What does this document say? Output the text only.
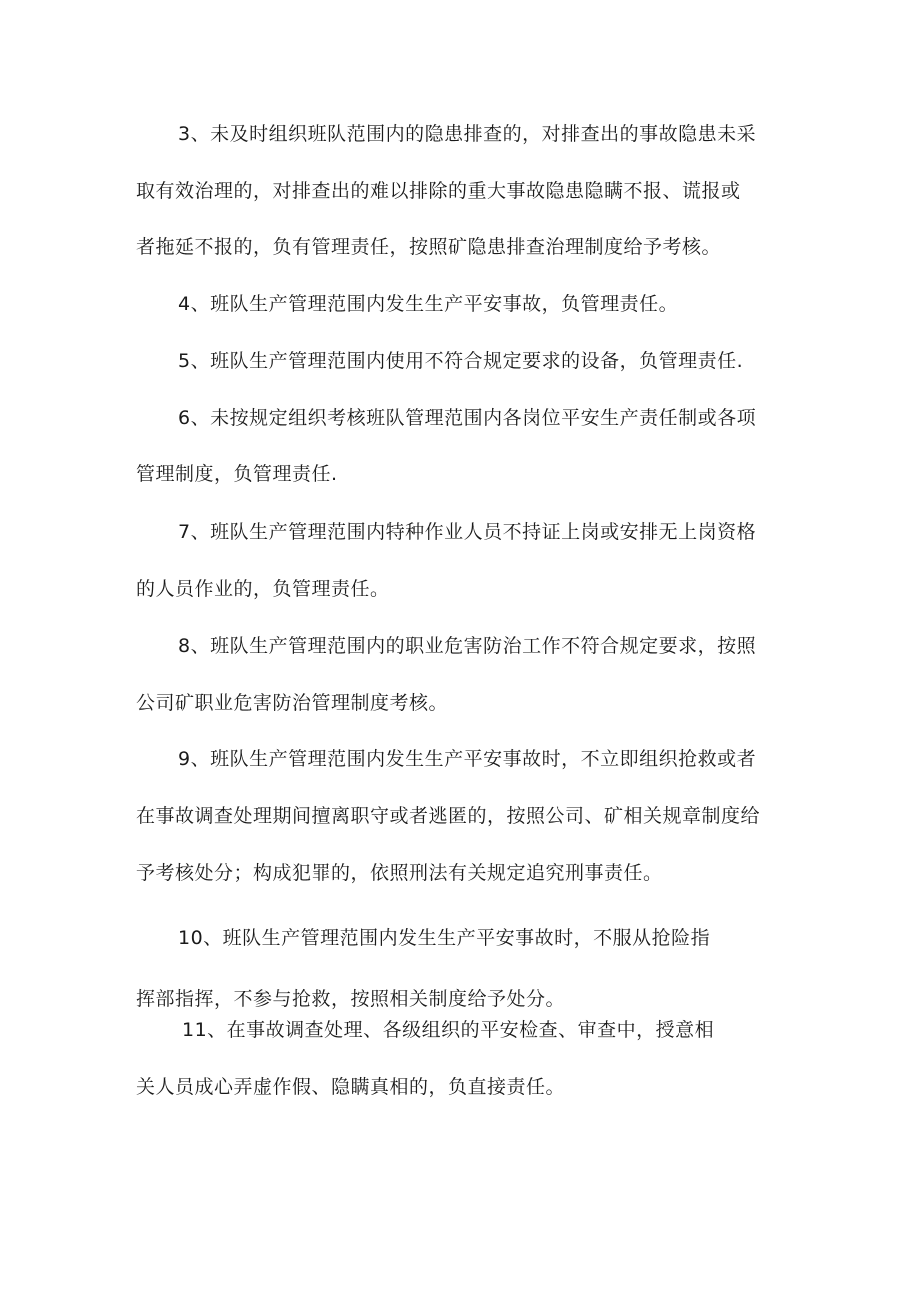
3、未及时组织班队范围内的隐患排查的，对排查出的事故隐患未采
取有效治理的，对排查出的难以排除的重大事故隐患隐瞒不报、谎报或
者拖延不报的，负有管理责任，按照矿隐患排查治理制度给予考核。
4、班队生产管理范围内发生生产平安事故，负管理责任。
5、班队生产管理范围内使用不符合规定要求的设备，负管理责任.
6、未按规定组织考核班队管理范围内各岗位平安生产责任制或各项
管理制度，负管理责任.
7、班队生产管理范围内特种作业人员不持证上岗或安排无上岗资格
的人员作业的，负管理责任。
8、班队生产管理范围内的职业危害防治工作不符合规定要求，按照
公司矿职业危害防治管理制度考核。
9、班队生产管理范围内发生生产平安事故时，不立即组织抢救或者
在事故调查处理期间擅离职守或者逃匿的，按照公司、矿相关规章制度给
予考核处分；构成犯罪的，依照刑法有关规定追究刑事责任。
10、班队生产管理范围内发生生产平安事故时，不服从抢险指
挥部指挥，不参与抢救，按照相关制度给予处分。
11、在事故调查处理、各级组织的平安检查、审查中，授意相
关人员成心弄虚作假、隐瞒真相的，负直接责任。
